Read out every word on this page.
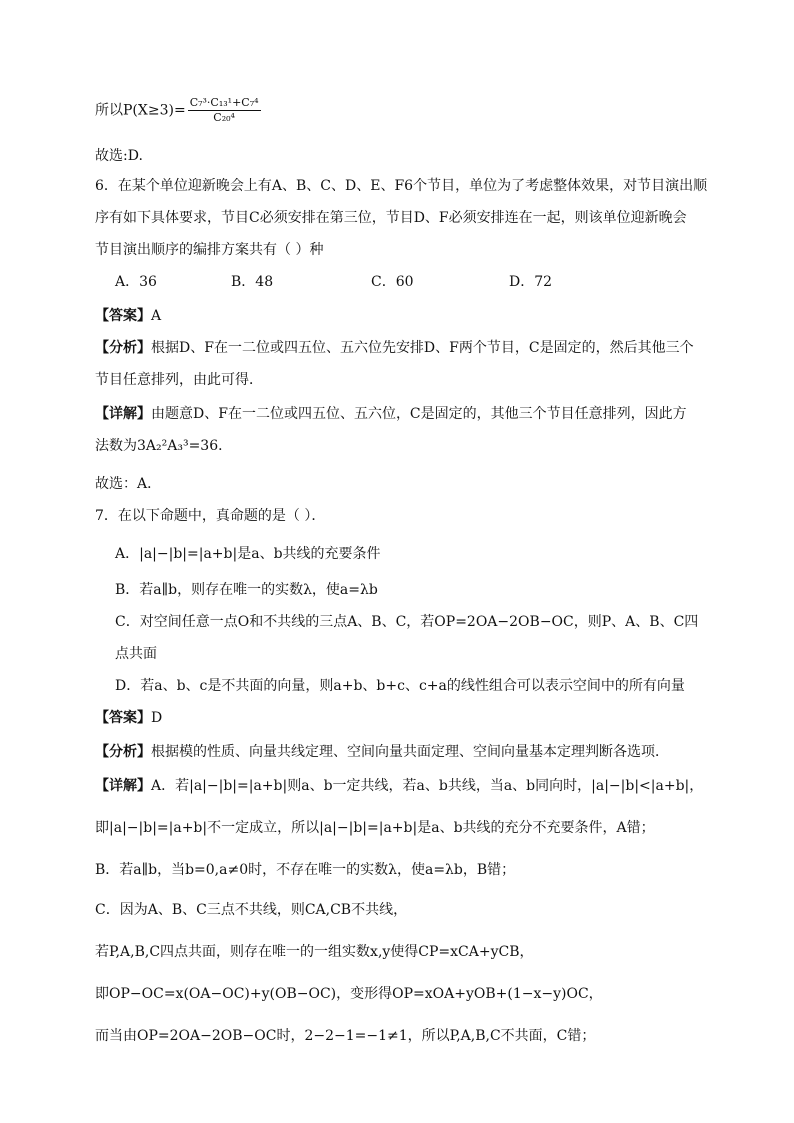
所以$P(X\ge 3)= \frac{\text{C₇³·C₁₃¹+C₇⁴}}{\text{C₂₀⁴}}$
故选:D.
6．在某个单位迎新晚会上有A、B、C、D、E、F6个节目，单位为了考虑整体效果，对节目演出顺
序有如下具体要求，节目C必须安排在第三位，节目D、F必须安排连在一起，则该单位迎新晚会
节目演出顺序的编排方案共有（ ）种
A．36	B．48	C．60	D．72
【答案】A
【分析】根据D、F在一二位或四五位、五六位先安排D、F两个节目，C是固定的，然后其他三个
节目任意排列，由此可得．
【详解】由题意D、F在一二位或四五位、五六位，C是固定的，其他三个节目任意排列，因此方
法数为3A₂²A₃³=36．
故选：A．
7．在以下命题中，真命题的是（ ）．
A．|a|−|b|=|a+b|是a、b共线的充要条件
B．若a∥b，则存在唯一的实数λ，使a=λb
C．对空间任意一点O和不共线的三点A、B、C，若OP=2OA−2OB−OC，则P、A、B、C四
点共面
D．若a、b、c是不共面的向量，则a+b、b+c、c+a的线性组合可以表示空间中的所有向量
【答案】D
【分析】根据模的性质、向量共线定理、空间向量共面定理、空间向量基本定理判断各选项．
【详解】A．若|a|−|b|=|a+b|则a、b一定共线，若a、b共线，当a、b同向时，|a|−|b|<|a+b|，
即|a|−|b|=|a+b|不一定成立，所以|a|−|b|=|a+b|是a、b共线的充分不充要条件，A错；
B．若a∥b，当b=0,a≠0时，不存在唯一的实数λ，使a=λb，B错；
C．因为A、B、C三点不共线，则CA,CB不共线，
若P,A,B,C四点共面，则存在唯一的一组实数x,y使得CP=xCA+yCB，
即OP−OC=x(OA−OC)+y(OB−OC)，变形得OP=xOA+yOB+(1−x−y)OC，
而当由OP=2OA−2OB−OC时，2−2−1=−1≠1，所以P,A,B,C不共面，C错；
